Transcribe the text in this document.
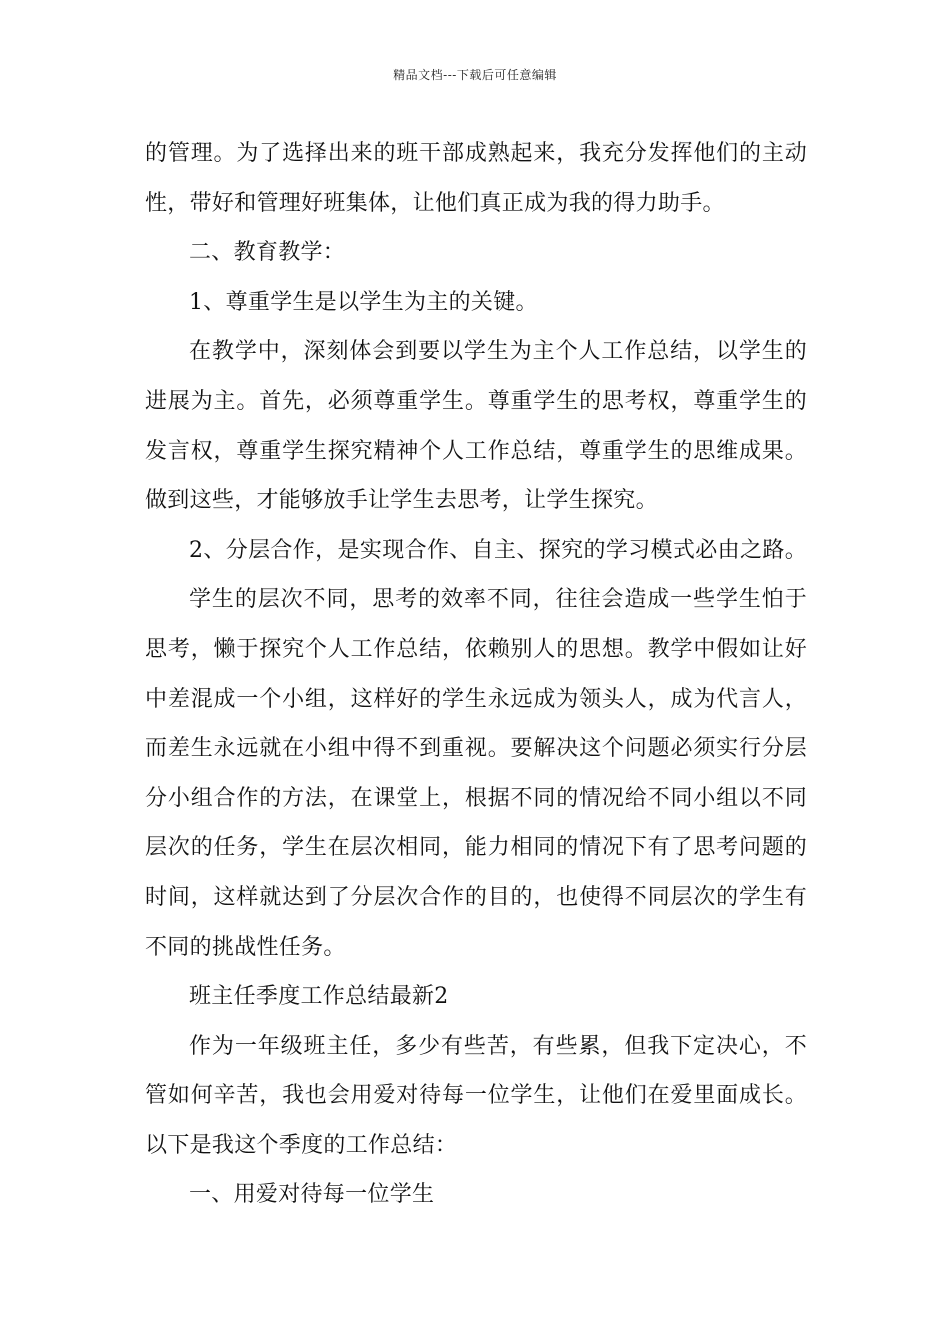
精品文档---下载后可任意编辑
的管理。为了选择出来的班干部成熟起来，我充分发挥他们的主动
性，带好和管理好班集体，让他们真正成为我的得力助手。
二、教育教学：
1、尊重学生是以学生为主的关键。
在教学中，深刻体会到要以学生为主个人工作总结，以学生的
进展为主。首先，必须尊重学生。尊重学生的思考权，尊重学生的
发言权，尊重学生探究精神个人工作总结，尊重学生的思维成果。
做到这些，才能够放手让学生去思考，让学生探究。
2、分层合作，是实现合作、自主、探究的学习模式必由之路。
学生的层次不同，思考的效率不同，往往会造成一些学生怕于
思考，懒于探究个人工作总结，依赖别人的思想。教学中假如让好
中差混成一个小组，这样好的学生永远成为领头人，成为代言人，
而差生永远就在小组中得不到重视。要解决这个问题必须实行分层
分小组合作的方法，在课堂上，根据不同的情况给不同小组以不同
层次的任务，学生在层次相同，能力相同的情况下有了思考问题的
时间，这样就达到了分层次合作的目的，也使得不同层次的学生有
不同的挑战性任务。
班主任季度工作总结最新2
作为一年级班主任，多少有些苦，有些累，但我下定决心，不
管如何辛苦，我也会用爱对待每一位学生，让他们在爱里面成长。
以下是我这个季度的工作总结：
一、用爱对待每一位学生
